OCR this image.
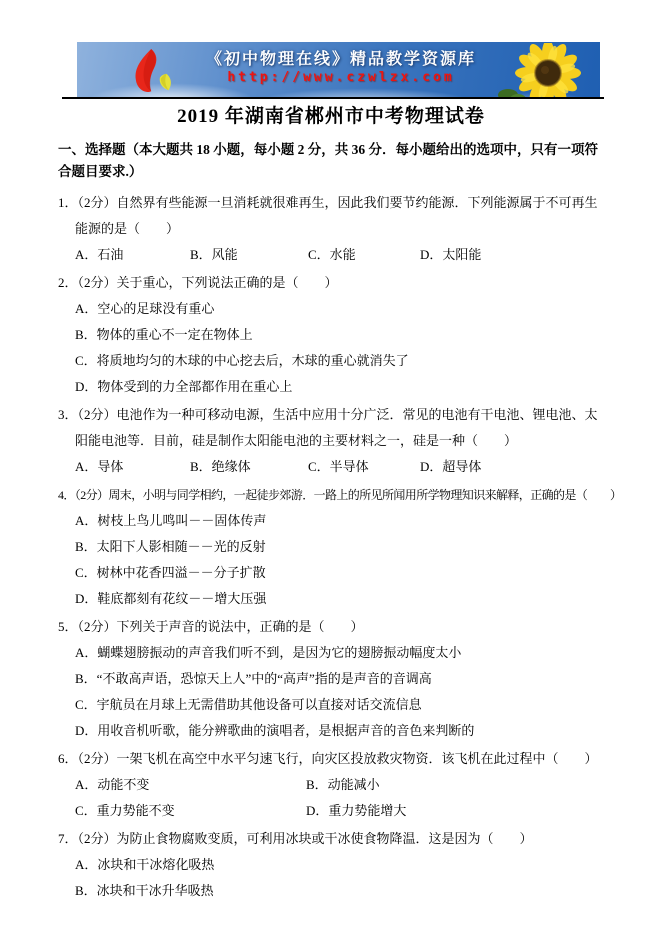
《初中物理在线》精品教学资源库
http://www.czwlzx.com
2019 年湖南省郴州市中考物理试卷
一、选择题（本大题共 18 小题，每小题 2 分，共 36 分．每小题给出的选项中，只有一项符合题目要求.）
1．（2分）自然界有些能源一旦消耗就很难再生，因此我们要节约能源．下列能源属于不可再生能源的是（　　）
A．石油	B．风能	C．水能	D．太阳能
2．（2分）关于重心，下列说法正确的是（　　）
A．空心的足球没有重心
B．物体的重心不一定在物体上
C．将质地均匀的木球的中心挖去后，木球的重心就消失了
D．物体受到的力全部都作用在重心上
3．（2分）电池作为一种可移动电源，生活中应用十分广泛．常见的电池有干电池、锂电池、太阳能电池等．目前，硅是制作太阳能电池的主要材料之一，硅是一种（　　）
A．导体	B．绝缘体	C．半导体	D．超导体
4．（2分）周末，小明与同学相约，一起徒步郊游．一路上的所见所闻用所学物理知识来解释，正确的是（　　）
A．树枝上鸟儿鸣叫－－固体传声
B．太阳下人影相随－－光的反射
C．树林中花香四溢－－分子扩散
D．鞋底都刻有花纹－－增大压强
5．（2分）下列关于声音的说法中，正确的是（　　）
A．蝴蝶翅膀振动的声音我们听不到，是因为它的翅膀振动幅度太小
B．“不敢高声语，恐惊天上人”中的“高声”指的是声音的音调高
C．宇航员在月球上无需借助其他设备可以直接对话交流信息
D．用收音机听歌，能分辨歌曲的演唱者，是根据声音的音色来判断的
6．（2分）一架飞机在高空中水平匀速飞行，向灾区投放救灾物资．该飞机在此过程中（　　）
A．动能不变	B．动能减小
C．重力势能不变	D．重力势能增大
7．（2分）为防止食物腐败变质，可利用冰块或干冰使食物降温．这是因为（　　）
A．冰块和干冰熔化吸热
B．冰块和干冰升华吸热
